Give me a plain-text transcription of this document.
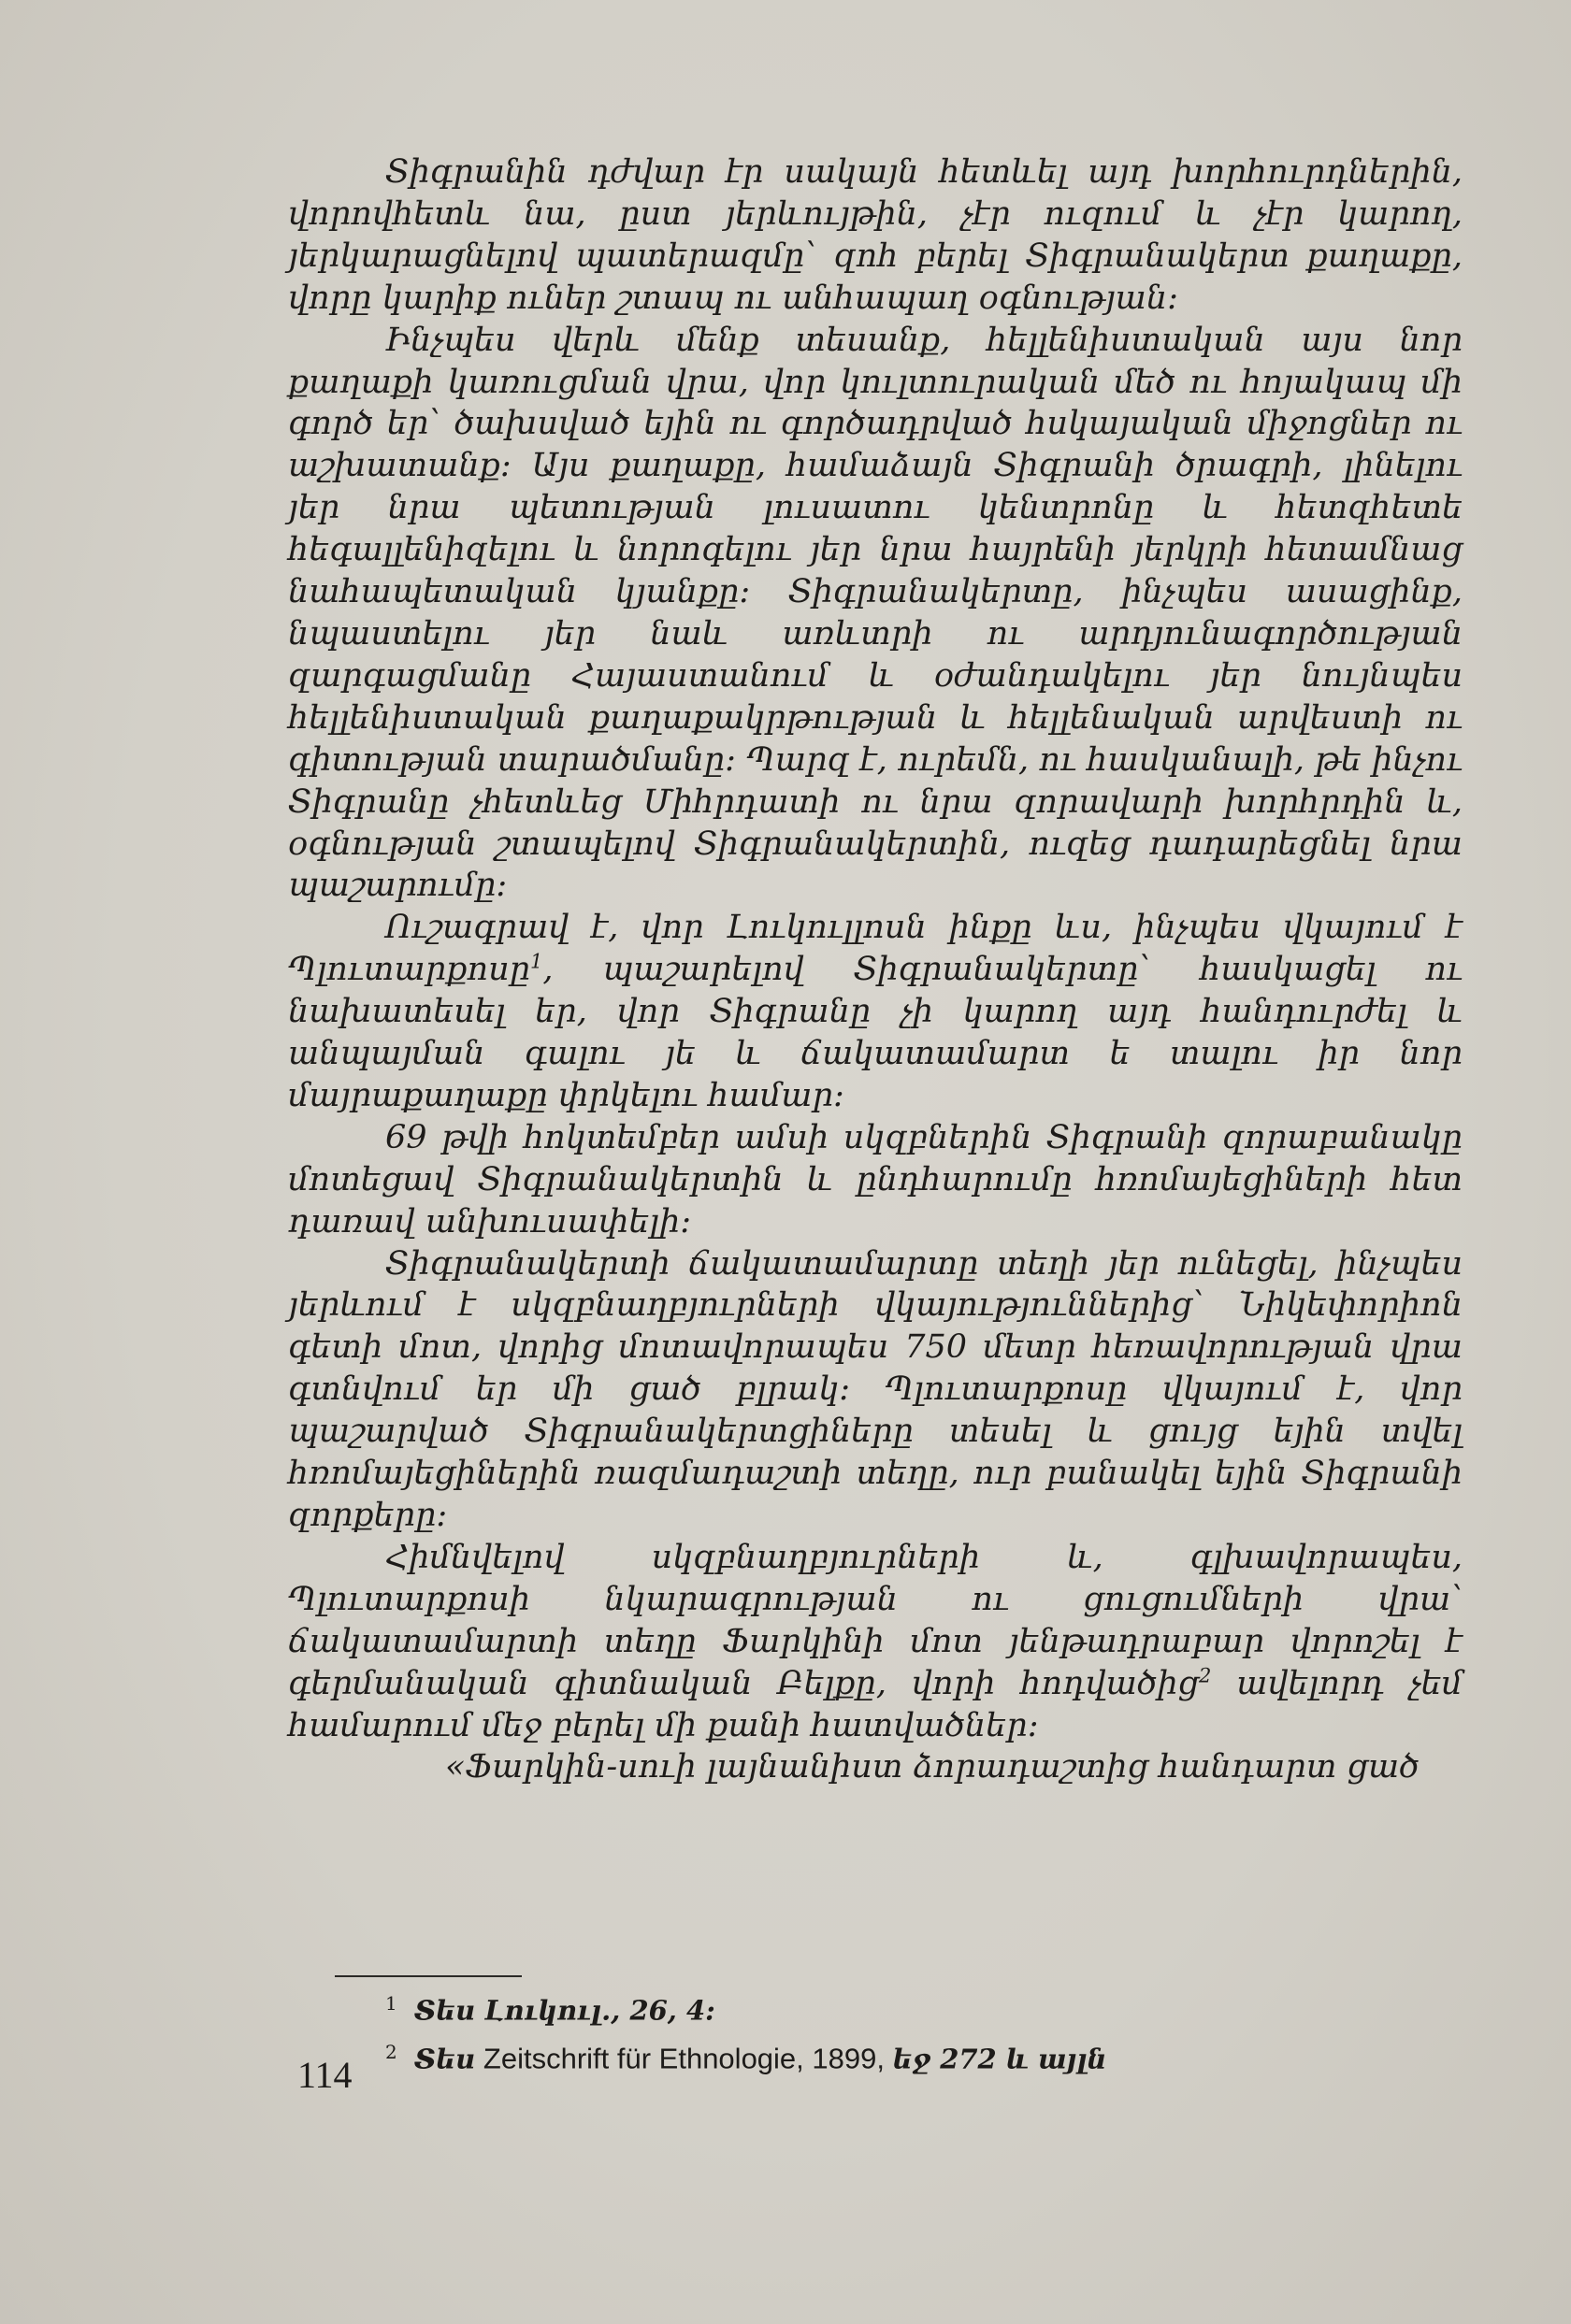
Տիգրանին դժվար էր սակայն հետևել այդ խորհուրդներին, վորովհետև նա, ըստ յերևույթին, չէր ուզում և չէր կարող, յերկարացնելով պատերազմը՝ զոհ բերել Տիգրանակերտ քաղաքը, վորը կարիք ուներ շտապ ու անհապաղ օգնության:

Ինչպես վերև մենք տեսանք, հելլենիստական այս նոր քաղաքի կառուցման վրա, վոր կուլտուրական մեծ ու հոյակապ մի գործ եր՝ ծախսված եյին ու գործադրված հսկայական միջոցներ ու աշխատանք: Այս քաղաքը, համաձայն Տիգրանի ծրագրի, լինելու յեր նրա պետության լուսատու կենտրոնը և հետզհետե հեգալլենիզելու և նորոգելու յեր նրա հայրենի յերկրի հետամնաց նահապետական կյանքը: Տիգրանակերտը, ինչպես ասացինք, նպաստելու յեր նաև առևտրի ու արդյունագործության զարգացմանը Հայաստանում և օժանդակելու յեր նույնպես հելլենիստական քաղաքակրթության և հելլենական արվեստի ու գիտության տարածմանը: Պարզ է, ուրեմն, ու հասկանալի, թե ինչու Տիգրանը չհետևեց Միհրդատի ու նրա զորավարի խորհրդին և, օգնության շտապելով Տիգրանակերտին, ուզեց դադարեցնել նրա պաշարումը:

Ուշագրավ է, վոր Լուկուլլոսն ինքը ևս, ինչպես վկայում է Պլուտարքոսը$^1$, պաշարելով Տիգրանակերտը՝ հասկացել ու նախատեսել եր, վոր Տիգրանը չի կարող այդ հանդուրժել և անպայման գալու յե և ճակատամարտ ե տալու իր նոր մայրաքաղաքը փրկելու համար:

69 թվի հոկտեմբեր ամսի սկզբներին Տիգրանի զորաբանակը մոտեցավ Տիգրանակերտին և ընդհարումը հռոմայեցիների հետ դառավ անխուսափելի:

Տիգրանակերտի ճակատամարտը տեղի յեր ունեցել, ինչպես յերևում է սկզբնաղբյուրների վկայություններից՝ Նիկեփորիոն գետի մոտ, վորից մոտավորապես 750 մետր հեռավորության վրա գտնվում եր մի ցած բլրակ: Պլուտարքոսը վկայում է, վոր պաշարված Տիգրանակերտցիները տեսել և ցույց եյին տվել հռոմայեցիներին ռազմադաշտի տեղը, ուր բանակել եյին Տիգրանի զորքերը:

Հիմնվելով սկզբնաղբյուրների և, գլխավորապես, Պլուտարքոսի նկարագրության ու ցուցումների վրա՝ ճակատամարտի տեղը Ֆարկինի մոտ յենթադրաբար վորոշել է գերմանական գիտնական Բելքը, վորի հոդվածից$^2$ ավելորդ չեմ համարում մեջ բերել մի քանի հատվածներ:

«Ֆարկին-սուի լայնանիստ ձորադաշտից հանդարտ ցած

$^1$ Տես Լուկուլ., 26, 4:
$^2$ Տես Zeitschrift für Ethnologie, 1899, եջ 272 և այլն
114
